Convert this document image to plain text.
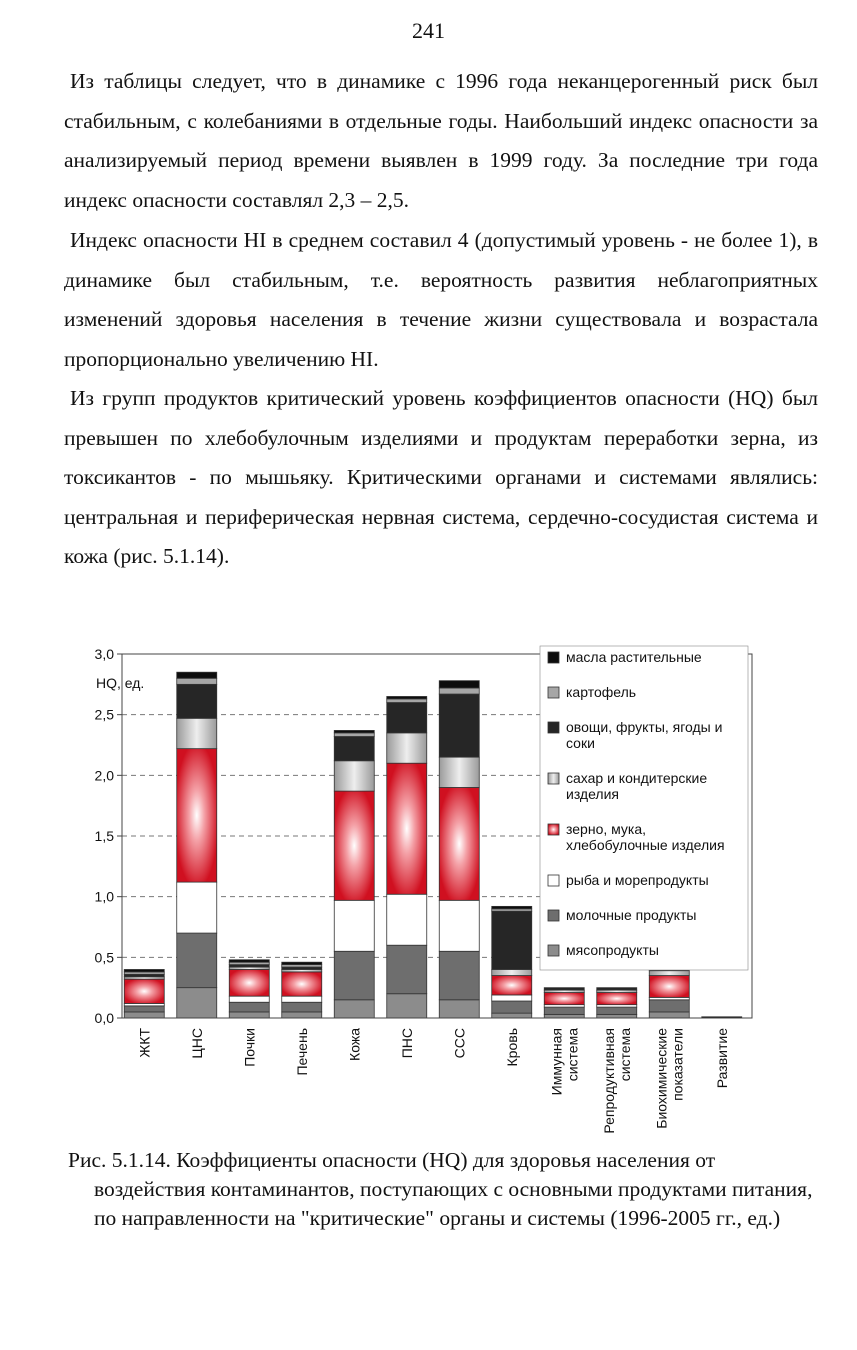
241

Из таблицы следует, что в динамике с 1996 года неканцерогенный риск был стабильным, с колебаниями в отдельные годы. Наибольший индекс опасности за анализируемый период времени выявлен в 1999 году. За последние три года индекс опасности составлял 2,3 – 2,5.

Индекс опасности HI в среднем составил 4 (допустимый уровень - не более 1), в динамике был стабильным, т.е. вероятность развития неблагоприятных изменений здоровья населения в течение жизни существовала и возрастала пропорционально увеличению HI.

Из групп продуктов критический уровень коэффициентов опасности (HQ) был превышен по хлебобулочным изделиями и продуктам переработки зерна, из токсикантов - по мышьяку. Критическими органами и системами являлись: центральная и периферическая нервная система, сердечно-сосудистая система и кожа (рис. 5.1.14).

0,0
0,5
1,0
1,5
2,0
2,5
3,0
HQ, ед.
ЖКТ	ЦНС	Почки	Печень	Кожа	ПНС	ССС	Кровь Иммуннаясистема Репродуктивнаясистема Биохимическиепоказатели Развитие
масла растительные
картофель
овощи, фрукты, ягоды и соки
сахар и кондитерские изделия
зерно, мука, хлебобулочные изделия
рыба и морепродукты
молочные продукты
мясопродукты

Рис. 5.1.14. Коэффициенты опасности (HQ) для здоровья населения от
воздействия контаминантов, поступающих с основными продуктами питания, по направленности на "критические" органы и системы (1996-2005 гг., ед.)
